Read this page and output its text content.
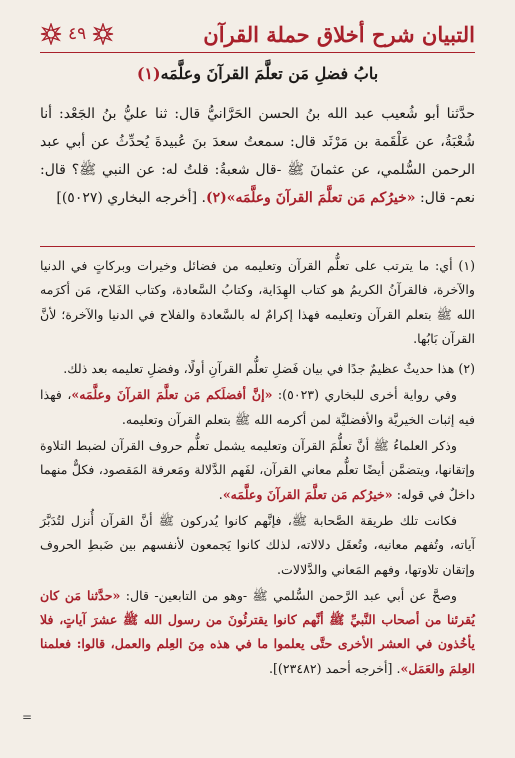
التبيان شرح أخلاق حملة القرآن
٤٩
بابُ فضلِ مَن تعلَّمَ القرآنَ وعلَّمَه(١)

حدَّثنا أبو شُعيب عبد الله بنُ الحسن الحَرَّانيُّ قال: ثنا عليُّ بنُ الجَعْد: أنا شُعْبَةُ، عن عَلْقَمة بن مَرْثَد قال: سمعتُ سعدَ بنَ عُبيدةَ يُحدِّثُ عن أبي عبد الرحمن السُّلمي، عن عثمانَ ﷺ -قال شعبةُ: قلتُ له: عن النبي ﷺ؟ قال: نعم- قال: «خيرُكم مَن تعلَّمَ القرآنَ وعلَّمَه»(٢). [أخرجه البخاري (٥٠٢٧)]

(١) أي: ما يترتب على تعلُّم القرآن وتعليمه من فضائل وخيرات وبركاتٍ في الدنيا والآخرة، فالقرآنُ الكريمُ هو كتاب الهِدَاية، وكتابُ السَّعادة، وكتاب الفَلاح، مَن أكرَمه الله ﷺ بتعلم القرآن وتعليمه فهذا إكرامٌ له بالسَّعادة والفلاح في الدنيا والآخرة؛ لأنَّ القرآن بَابُها.

(٢) هذا حديثٌ عظيمٌ جدًا في بيان فَضلِ تعلُّم القرآنِ أولًا، وفضلِ تعليمه بعد ذلك.

وفي رواية أخرى للبخاري (٥٠٢٣): «إنَّ أفضلَكم مَن تعلَّمَ القرآنَ وعلَّمَه»، فهذا فيه إثبات الخيريَّة والأفضليَّة لمن أكرمه الله ﷺ بتعلم القرآن وتعليمه.

وذكر العلماءُ ﷺ أنَّ تعلُّمَ القرآن وتعليمه يشمل تعلُّم حروف القرآن لضبط التلاوة وإتقانها، ويتضمَّن أيضًا تعلُّم معاني القرآن، لفَهم الدَّلالة ومَعرفة المَقصود، فكلٌّ منهما داخلٌ في قوله: «خيرُكم مَن تعلَّمَ القرآنَ وعلَّمَه».

فكانت تلك طريقة الصَّحابة ﷺ، فإنَّهم كانوا يُدركون ﷺ أنَّ القرآن أُنزل لتُدَبَّرَ آياته، وتُفهم معانيه، وتُعقَل دلالاته، لذلك كانوا يَجمعون لأنفسهم بين ضَبطِ الحروف وإتقان تلاوتها، وفهم المَعاني والدَّلالات.

وصحَّ عن أبي عبد الرَّحمن السُّلمي ﷺ -وهو من التابعين- قال: «حدَّثنا مَن كان يُقرئنا من أصحاب النَّبيِّ ﷺ أنَّهم كانوا يقترئُونَ من رسول الله ﷺ عشرَ آياتٍ، فلا يأخُذون في العشر الأخرى حتَّى يعلموا ما في هذه مِنَ العِلم والعمل، قالوا: فعلمنا العِلمَ والعَمَل». [أخرجه أحمد (٢٣٤٨٢)].

=
